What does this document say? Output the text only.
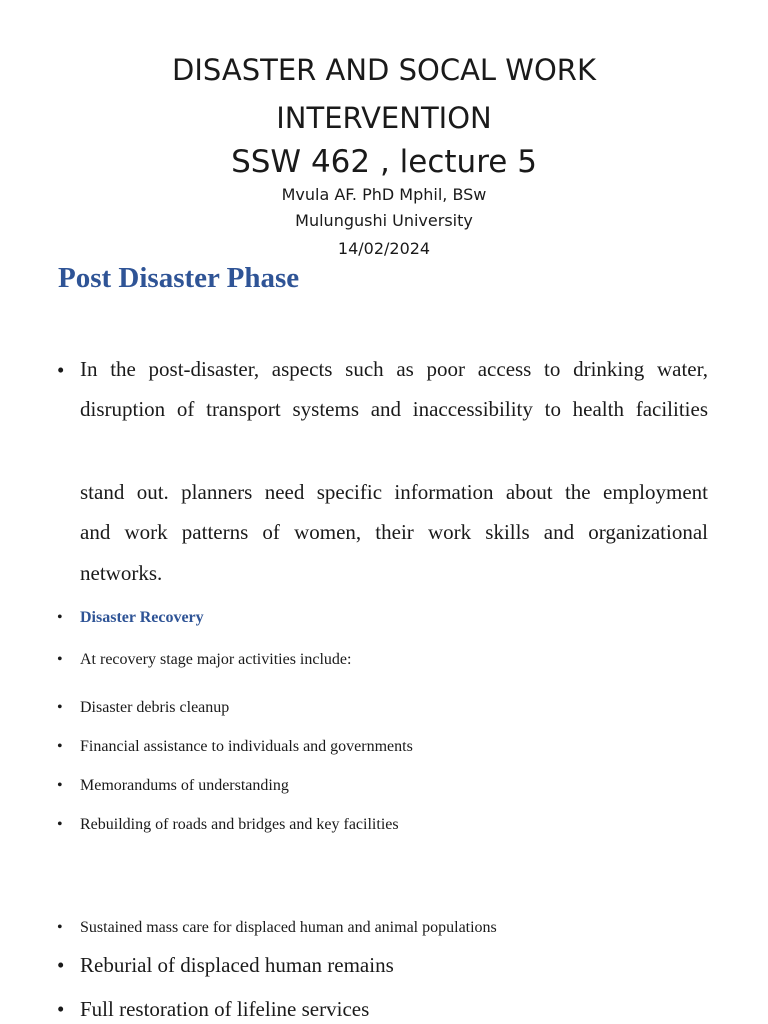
DISASTER AND SOCAL WORK
INTERVENTION
SSW 462 , lecture 5
Mvula AF. PhD Mphil, BSw
Mulungushi University
14/02/2024
Post Disaster Phase
• In the post-disaster, aspects such as poor access to drinking water,
disruption of transport systems and inaccessibility to health facilities
stand out. planners need specific information about the employment
and work patterns of women, their work skills and organizational
networks.
• Disaster Recovery
• At recovery stage major activities include:
• Disaster debris cleanup
• Financial assistance to individuals and governments
• Memorandums of understanding
• Rebuilding of roads and bridges and key facilities
• Sustained mass care for displaced human and animal populations
• Reburial of displaced human remains
• Full restoration of lifeline services
